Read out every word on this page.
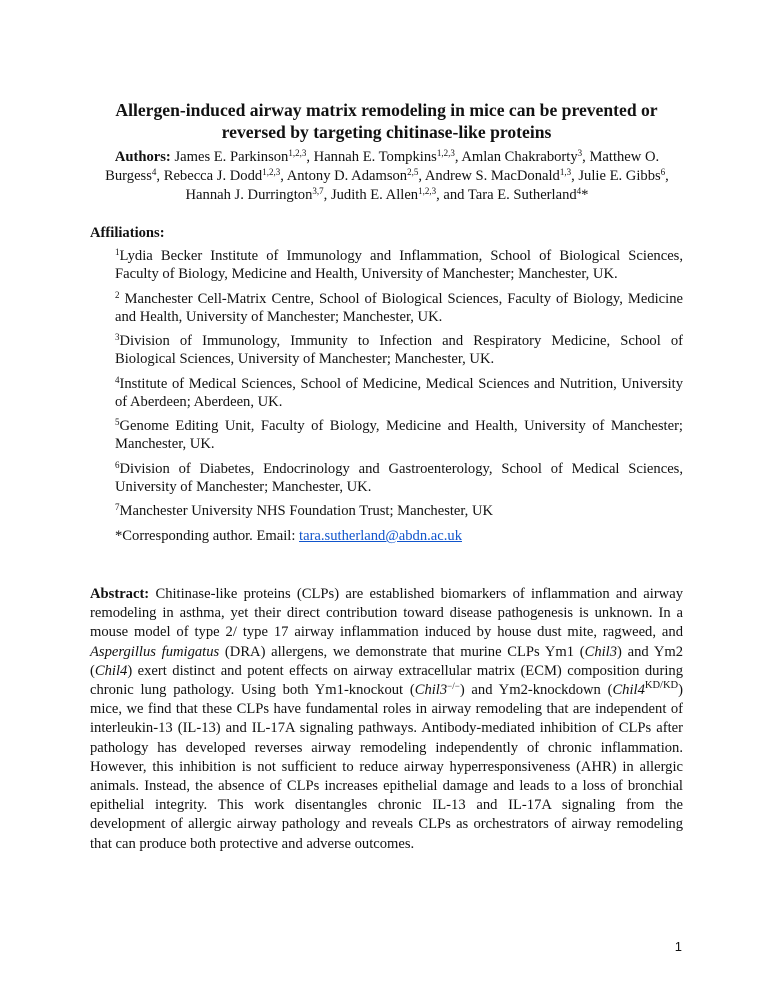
Allergen-induced airway matrix remodeling in mice can be prevented or reversed by targeting chitinase-like proteins
Authors: James E. Parkinson$^{1,2,3}$, Hannah E. Tompkins$^{1,2,3}$, Amlan Chakraborty$^3$, Matthew O. Burgess$^4$, Rebecca J. Dodd$^{1,2,3}$, Antony D. Adamson$^{2,5}$, Andrew S. MacDonald$^{1,3}$, Julie E. Gibbs$^6$, Hannah J. Durrington$^{3,7}$, Judith E. Allen$^{1,2,3}$, and Tara E. Sutherland$^4$*
Affiliations:
$^1$Lydia Becker Institute of Immunology and Inflammation, School of Biological Sciences, Faculty of Biology, Medicine and Health, University of Manchester; Manchester, UK.
$^2$ Manchester Cell-Matrix Centre, School of Biological Sciences, Faculty of Biology, Medicine and Health, University of Manchester; Manchester, UK.
$^3$Division of Immunology, Immunity to Infection and Respiratory Medicine, School of Biological Sciences, University of Manchester; Manchester, UK.
$^4$Institute of Medical Sciences, School of Medicine, Medical Sciences and Nutrition, University of Aberdeen; Aberdeen, UK.
$^5$Genome Editing Unit, Faculty of Biology, Medicine and Health, University of Manchester; Manchester, UK.
$^6$Division of Diabetes, Endocrinology and Gastroenterology, School of Medical Sciences, University of Manchester; Manchester, UK.
$^7$Manchester University NHS Foundation Trust; Manchester, UK
*Corresponding author. Email: tara.sutherland@abdn.ac.uk
Abstract: Chitinase-like proteins (CLPs) are established biomarkers of inflammation and airway remodeling in asthma, yet their direct contribution toward disease pathogenesis is unknown. In a mouse model of type 2/ type 17 airway inflammation induced by house dust mite, ragweed, and Aspergillus fumigatus (DRA) allergens, we demonstrate that murine CLPs Ym1 (Chil3) and Ym2 (Chil4) exert distinct and potent effects on airway extracellular matrix (ECM) composition during chronic lung pathology. Using both Ym1-knockout (Chil3−/−) and Ym2-knockdown $(Chil4^{KD/KD})$ mice, we find that these CLPs have fundamental roles in airway remodeling that are independent of interleukin-13 (IL-13) and IL-17A signaling pathways. Antibody-mediated inhibition of CLPs after pathology has developed reverses airway remodeling independently of chronic inflammation. However, this inhibition is not sufficient to reduce airway hyperresponsiveness (AHR) in allergic animals. Instead, the absence of CLPs increases epithelial damage and leads to a loss of bronchial epithelial integrity. This work disentangles chronic IL-13 and IL-17A signaling from the development of allergic airway pathology and reveals CLPs as orchestrators of airway remodeling that can produce both protective and adverse outcomes.
1
